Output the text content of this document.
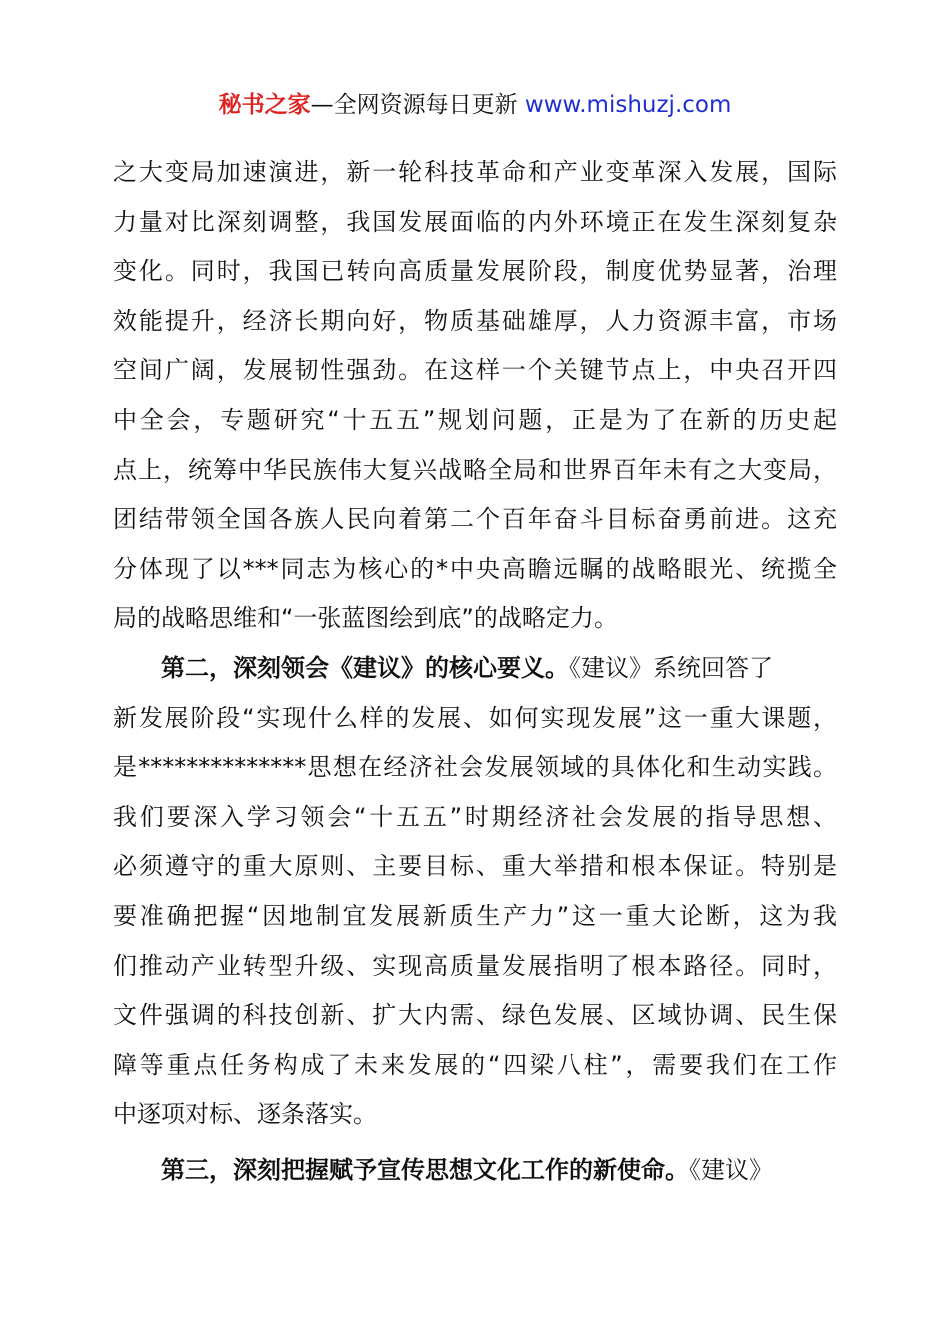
秘书之家—全网资源每日更新 www.mishuzj.com
之大变局加速演进，新一轮科技革命和产业变革深入发展，国际
力量对比深刻调整，我国发展面临的内外环境正在发生深刻复杂
变化。同时，我国已转向高质量发展阶段，制度优势显著，治理
效能提升，经济长期向好，物质基础雄厚，人力资源丰富，市场
空间广阔，发展韧性强劲。在这样一个关键节点上，中央召开四
中全会，专题研究“十五五”规划问题，正是为了在新的历史起
点上，统筹中华民族伟大复兴战略全局和世界百年未有之大变局，
团结带领全国各族人民向着第二个百年奋斗目标奋勇前进。这充
分体现了以***同志为核心的*中央高瞻远瞩的战略眼光、统揽全
局的战略思维和“一张蓝图绘到底”的战略定力。
第二，深刻领会《建议》的核心要义。《建议》系统回答了
新发展阶段“实现什么样的发展、如何实现发展”这一重大课题，
是**************思想在经济社会发展领域的具体化和生动实践。
我们要深入学习领会“十五五”时期经济社会发展的指导思想、
必须遵守的重大原则、主要目标、重大举措和根本保证。特别是
要准确把握“因地制宜发展新质生产力”这一重大论断，这为我
们推动产业转型升级、实现高质量发展指明了根本路径。同时，
文件强调的科技创新、扩大内需、绿色发展、区域协调、民生保
障等重点任务构成了未来发展的“四梁八柱”，需要我们在工作
中逐项对标、逐条落实。
第三，深刻把握赋予宣传思想文化工作的新使命。《建议》
